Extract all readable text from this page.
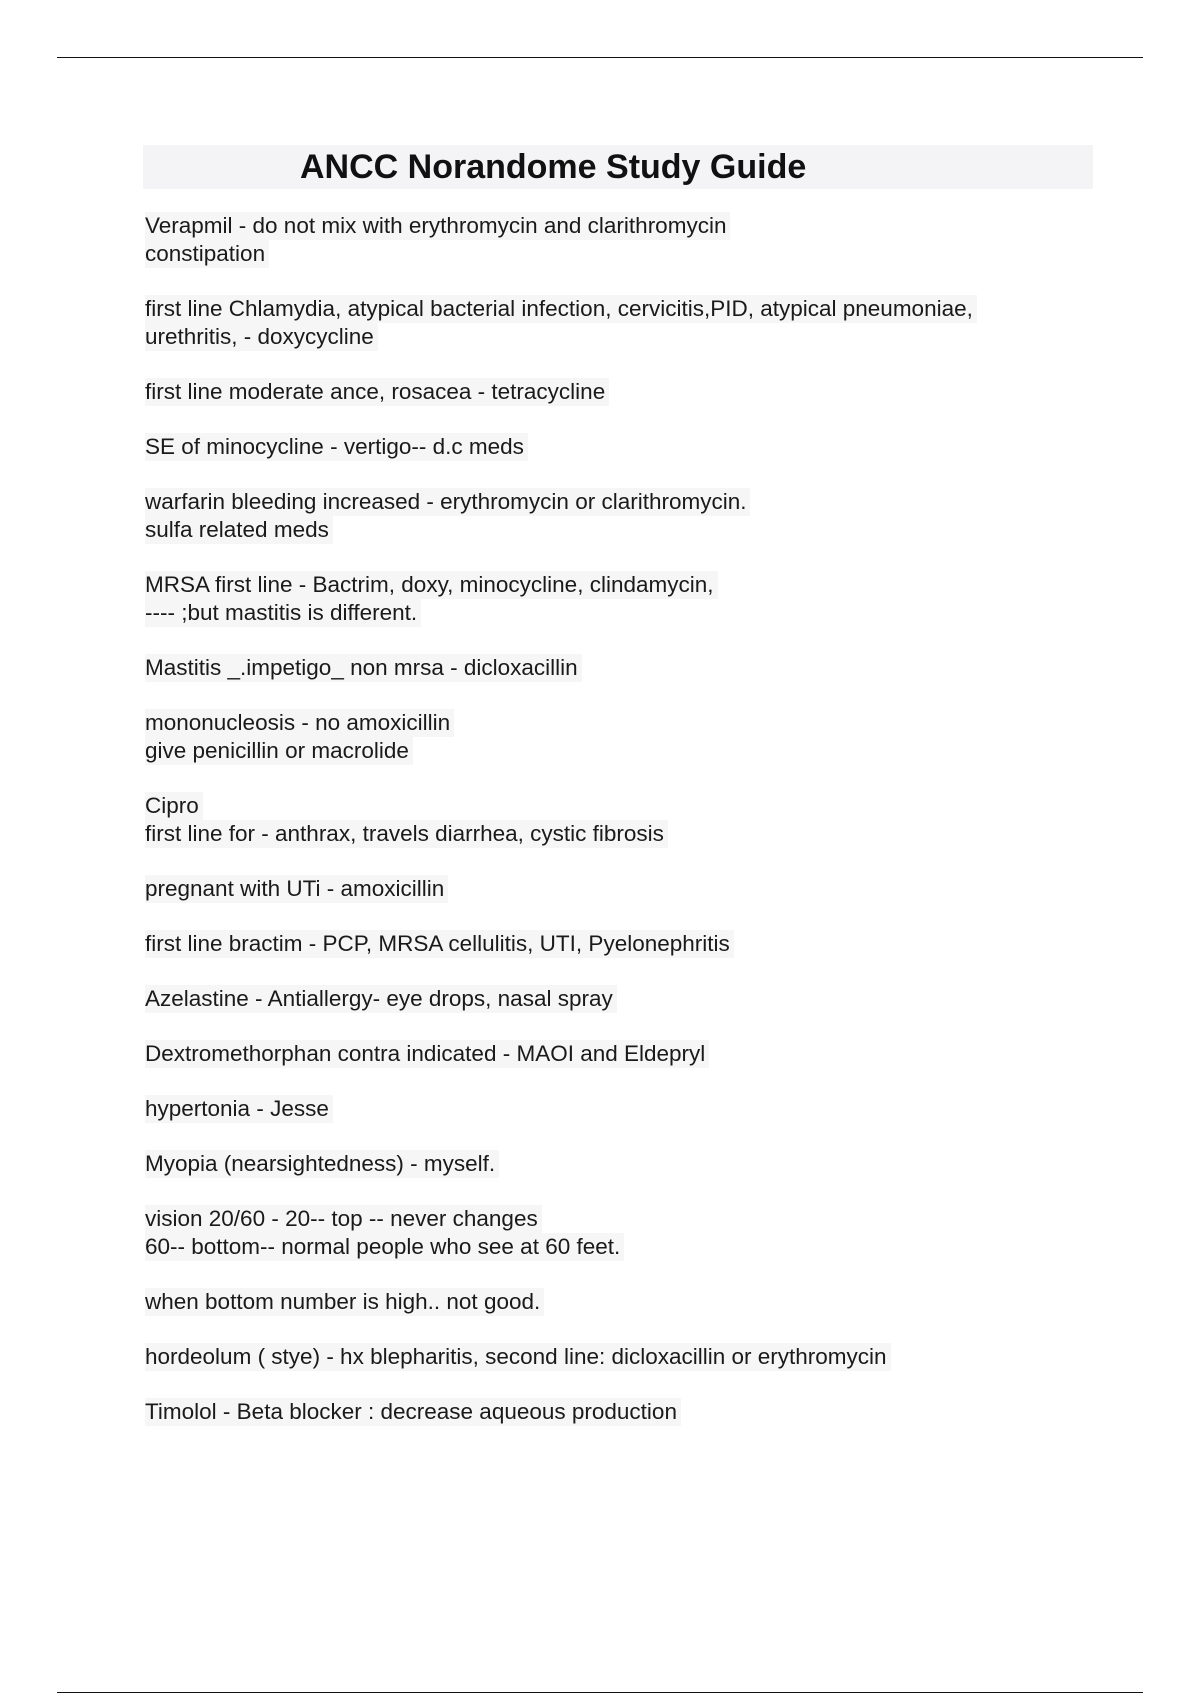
ANCC Norandome Study Guide
Verapmil - do not mix with erythromycin and clarithromycin
constipation
first line Chlamydia, atypical bacterial infection, cervicitis,PID, atypical pneumoniae,
urethritis, - doxycycline
first line moderate ance, rosacea - tetracycline
SE of minocycline - vertigo-- d.c meds
warfarin bleeding increased - erythromycin or clarithromycin.
sulfa related meds
MRSA first line - Bactrim, doxy, minocycline, clindamycin,
---- ;but mastitis is different.
Mastitis _.impetigo_ non mrsa - dicloxacillin
mononucleosis - no amoxicillin
give penicillin or macrolide
Cipro
first line for - anthrax, travels diarrhea, cystic fibrosis
pregnant with UTi - amoxicillin
first line bractim - PCP, MRSA cellulitis, UTI, Pyelonephritis
Azelastine - Antiallergy- eye drops, nasal spray
Dextromethorphan contra indicated - MAOI and Eldepryl
hypertonia - Jesse
Myopia (nearsightedness) - myself.
vision 20/60 - 20-- top -- never changes
60-- bottom-- normal people who see at 60 feet.
when bottom number is high.. not good.
hordeolum ( stye) - hx blepharitis, second line: dicloxacillin or erythromycin
Timolol - Beta blocker : decrease aqueous production
